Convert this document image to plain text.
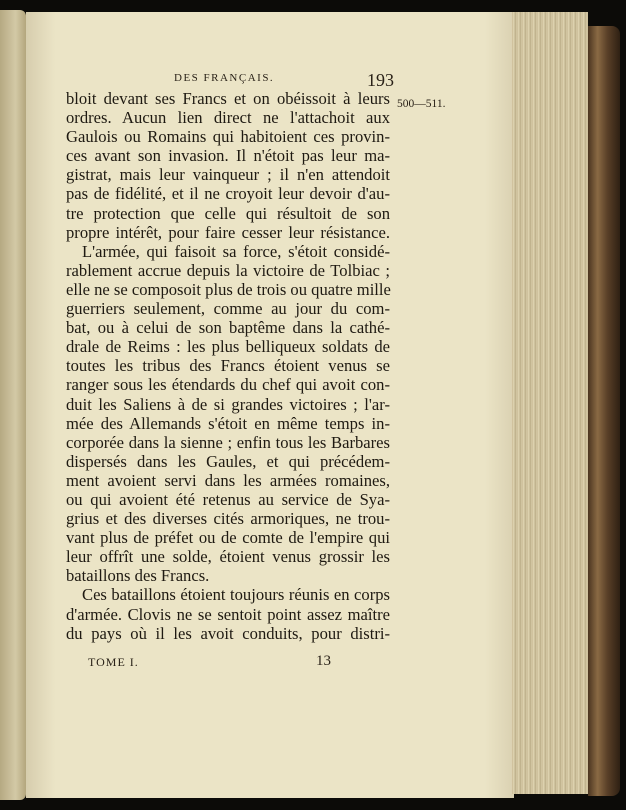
DES FRANÇAIS.	193
500—511.
bloit devant ses Francs et on obéissoit à leurs
ordres. Aucun lien direct ne l'attachoit aux
Gaulois ou Romains qui habitoient ces provin-
ces avant son invasion. Il n'étoit pas leur ma-
gistrat, mais leur vainqueur ; il n'en attendoit
pas de fidélité, et il ne croyoit leur devoir d'au-
tre protection que celle qui résultoit de son
propre intérêt, pour faire cesser leur résistance.
L'armée, qui faisoit sa force, s'étoit considé-
rablement accrue depuis la victoire de Tolbiac ;
elle ne se composoit plus de trois ou quatre mille
guerriers seulement, comme au jour du com-
bat, ou à celui de son baptême dans la cathé-
drale de Reims : les plus belliqueux soldats de
toutes les tribus des Francs étoient venus se
ranger sous les étendards du chef qui avoit con-
duit les Saliens à de si grandes victoires ; l'ar-
mée des Allemands s'étoit en même temps in-
corporée dans la sienne ; enfin tous les Barbares
dispersés dans les Gaules, et qui précédem-
ment avoient servi dans les armées romaines,
ou qui avoient été retenus au service de Sya-
grius et des diverses cités armoriques, ne trou-
vant plus de préfet ou de comte de l'empire qui
leur offrît une solde, étoient venus grossir les
bataillons des Francs.
Ces bataillons étoient toujours réunis en corps
d'armée. Clovis ne se sentoit point assez maître
du pays où il les avoit conduits, pour distri-
TOME I.	13
